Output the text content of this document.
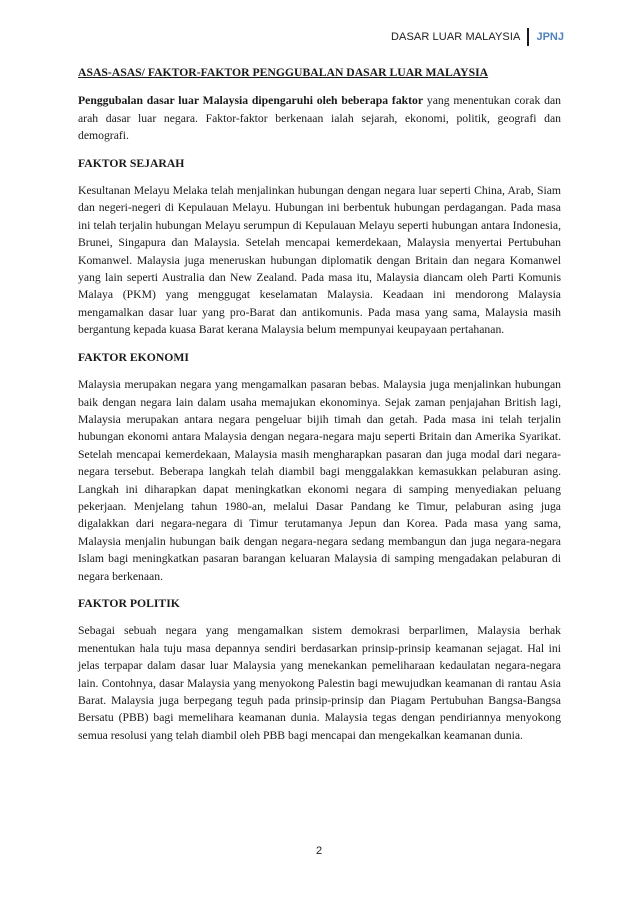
DASAR LUAR MALAYSIA	JPNJ
ASAS-ASAS/ FAKTOR-FAKTOR PENGGUBALAN DASAR LUAR MALAYSIA

Penggubalan dasar luar Malaysia dipengaruhi oleh beberapa faktor yang menentukan corak dan arah dasar luar negara. Faktor-faktor berkenaan ialah sejarah, ekonomi, politik, geografi dan demografi.

FAKTOR SEJARAH

Kesultanan Melayu Melaka telah menjalinkan hubungan dengan negara luar seperti China, Arab, Siam dan negeri-negeri di Kepulauan Melayu. Hubungan ini berbentuk hubungan perdagangan. Pada masa ini telah terjalin hubungan Melayu serumpun di Kepulauan Melayu seperti hubungan antara Indonesia, Brunei, Singapura dan Malaysia. Setelah mencapai kemerdekaan, Malaysia menyertai Pertubuhan Komanwel. Malaysia juga meneruskan hubungan diplomatik dengan Britain dan negara Komanwel yang lain seperti Australia dan New Zealand. Pada masa itu, Malaysia diancam oleh Parti Komunis Malaya (PKM) yang menggugat keselamatan Malaysia. Keadaan ini mendorong Malaysia mengamalkan dasar luar yang pro-Barat dan antikomunis. Pada masa yang sama, Malaysia masih bergantung kepada kuasa Barat kerana Malaysia belum mempunyai keupayaan pertahanan.

FAKTOR EKONOMI

Malaysia merupakan negara yang mengamalkan pasaran bebas. Malaysia juga menjalinkan hubungan baik dengan negara lain dalam usaha memajukan ekonominya. Sejak zaman penjajahan British lagi, Malaysia merupakan antara negara pengeluar bijih timah dan getah. Pada masa ini telah terjalin hubungan ekonomi antara Malaysia dengan negara-negara maju seperti Britain dan Amerika Syarikat. Setelah mencapai kemerdekaan, Malaysia masih mengharapkan pasaran dan juga modal dari negara-negara tersebut. Beberapa langkah telah diambil bagi menggalakkan kemasukkan pelaburan asing. Langkah ini diharapkan dapat meningkatkan ekonomi negara di samping menyediakan peluang pekerjaan. Menjelang tahun 1980-an, melalui Dasar Pandang ke Timur, pelaburan asing juga digalakkan dari negara-negara di Timur terutamanya Jepun dan Korea. Pada masa yang sama, Malaysia menjalin hubungan baik dengan negara-negara sedang membangun dan juga negara-negara Islam bagi meningkatkan pasaran barangan keluaran Malaysia di samping mengadakan pelaburan di negara berkenaan.

FAKTOR POLITIK

Sebagai sebuah negara yang mengamalkan sistem demokrasi berparlimen, Malaysia berhak menentukan hala tuju masa depannya sendiri berdasarkan prinsip-prinsip keamanan sejagat. Hal ini jelas terpapar dalam dasar luar Malaysia yang menekankan pemeliharaan kedaulatan negara-negara lain. Contohnya, dasar Malaysia yang menyokong Palestin bagi mewujudkan keamanan di rantau Asia Barat. Malaysia juga berpegang teguh pada prinsip-prinsip dan Piagam Pertubuhan Bangsa-Bangsa Bersatu (PBB) bagi memelihara keamanan dunia. Malaysia tegas dengan pendiriannya menyokong semua resolusi yang telah diambil oleh PBB bagi mencapai dan mengekalkan keamanan dunia.

2
